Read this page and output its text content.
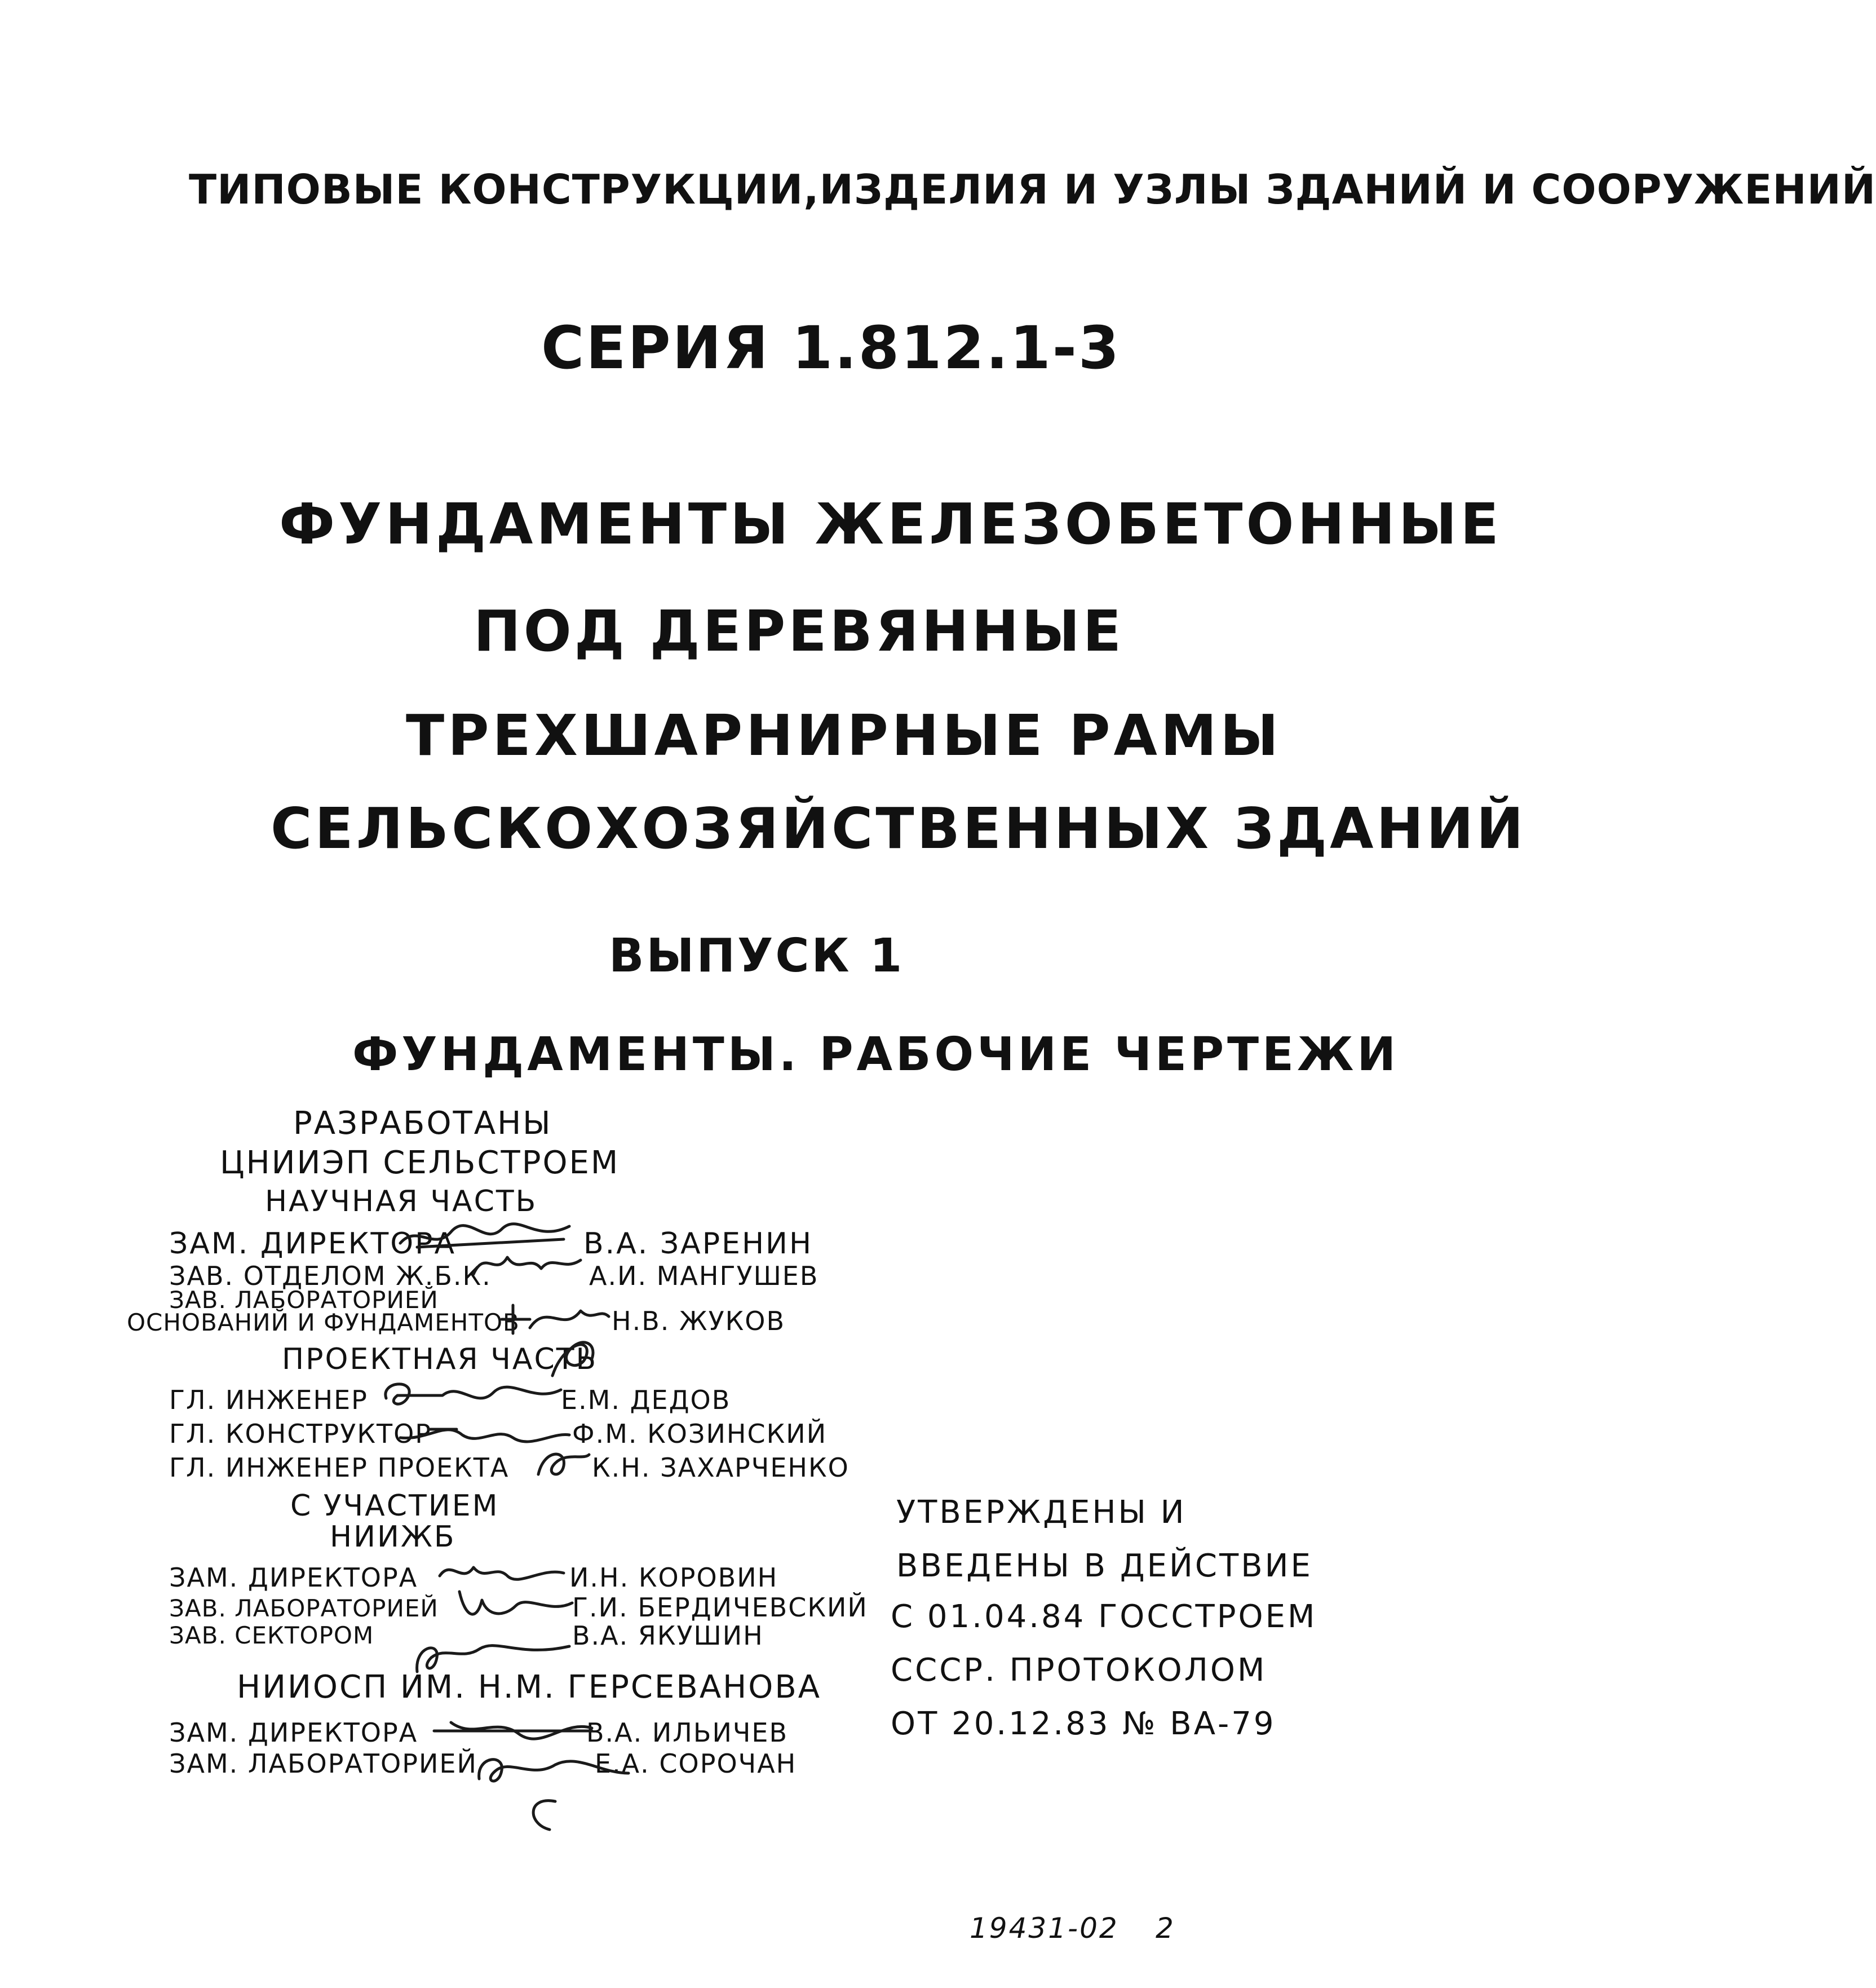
ТИПОВЫЕ КОНСТРУКЦИИ,ИЗДЕЛИЯ И УЗЛЫ ЗДАНИЙ И СООРУЖЕНИЙ
СЕРИЯ 1.812.1-3
ФУНДАМЕНТЫ ЖЕЛЕЗОБЕТОННЫЕ
ПОД ДЕРЕВЯННЫЕ
ТРЕХШАРНИРНЫЕ РАМЫ
СЕЛЬСКОХОЗЯЙСТВЕННЫХ ЗДАНИЙ
ВЫПУСК 1
ФУНДАМЕНТЫ. РАБОЧИЕ ЧЕРТЕЖИ
РАЗРАБОТАНЫ
ЦНИИЭП СЕЛЬСТРОЕМ
НАУЧНАЯ ЧАСТЬ
ЗАМ. ДИРЕКТОРА	В.А. ЗАРЕНИН
ЗАВ. ОТДЕЛОМ Ж.Б.К.	А.И. МАНГУШЕВ
ЗАВ. ЛАБОРАТОРИЕЙ
ОСНОВАНИЙ И ФУНДАМЕНТОВ	Н.В. ЖУКОВ
ПРОЕКТНАЯ ЧАСТЬ
ГЛ. ИНЖЕНЕР	Е.М. ДЕДОВ
ГЛ. КОНСТРУКТОР	Ф.М. КОЗИНСКИЙ
ГЛ. ИНЖЕНЕР ПРОЕКТА	К.Н. ЗАХАРЧЕНКО
С УЧАСТИЕМ
НИИЖБ
ЗАМ. ДИРЕКТОРА	И.Н. КОРОВИН
ЗАВ. ЛАБОРАТОРИЕЙ	Г.И. БЕРДИЧЕВСКИЙ
ЗАВ. СЕКТОРОМ	В.А. ЯКУШИН
НИИОСП ИМ. Н.М. ГЕРСЕВАНОВА
ЗАМ. ДИРЕКТОРА	В.А. ИЛЬИЧЕВ
ЗАМ. ЛАБОРАТОРИЕЙ	Е.А. СОРОЧАН
УТВЕРЖДЕНЫ И
ВВЕДЕНЫ В ДЕЙСТВИЕ
С 01.04.84 ГОССТРОЕМ
СССР. ПРОТОКОЛОМ
ОТ 20.12.83 № ВА-79
19431-02 2
